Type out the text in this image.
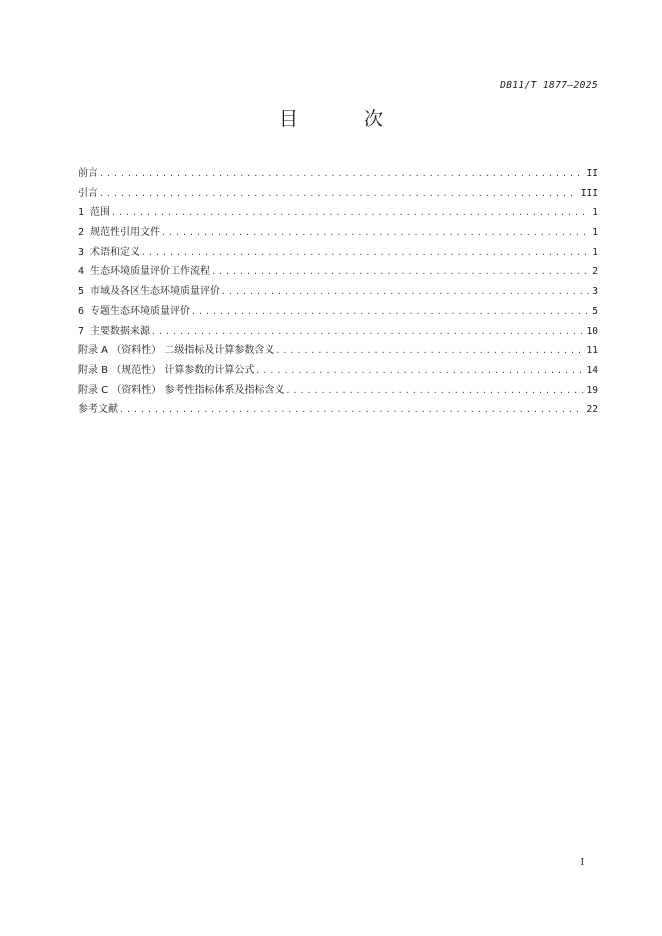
DB11/T 1877—2025
目 次
前言 .....	II
引言 .....	III
1 范围 .....	1
2 规范性引用文件 .....	1
3 术语和定义 .....	1
4 生态环境质量评价工作流程 .....	2
5 市域及各区生态环境质量评价 .....	3
6 专题生态环境质量评价 .....	5
7 主要数据来源 .....	10
附录 A （资料性） 二级指标及计算参数含义 .....	11
附录 B （规范性） 计算参数的计算公式 .....	14
附录 C （资料性） 参考性指标体系及指标含义 .....	19
参考文献 .....	22
I
